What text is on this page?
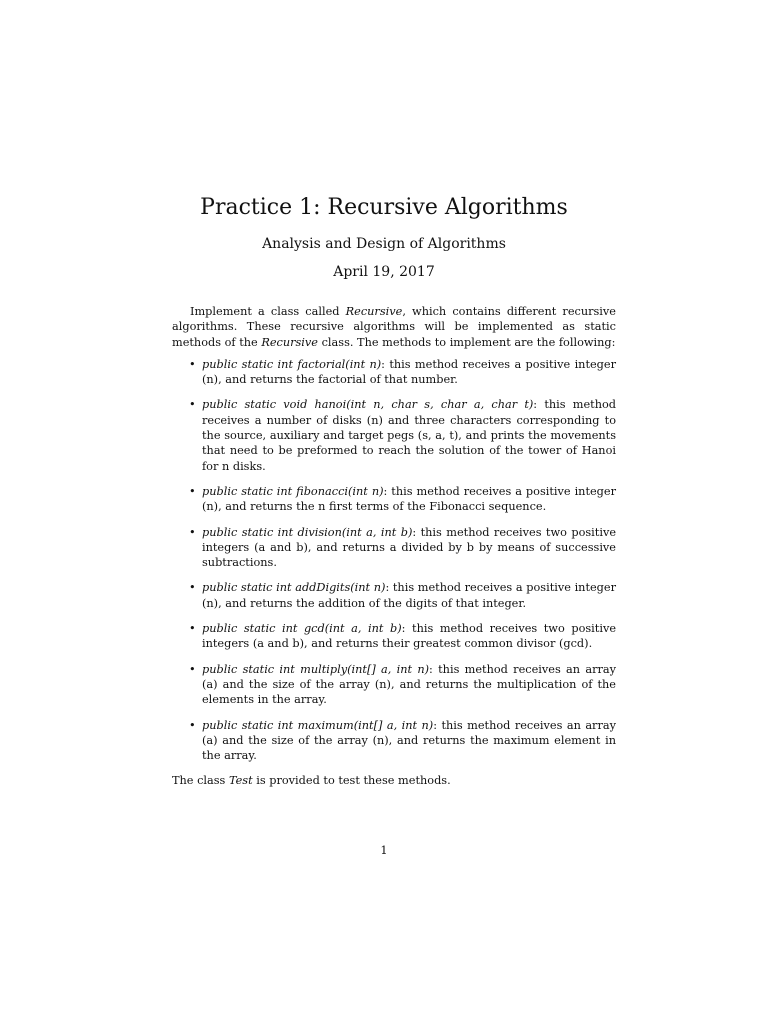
Practice 1: Recursive Algorithms
Analysis and Design of Algorithms
April 19, 2017

Implement a class called Recursive, which contains different recursive algorithms. These recursive algorithms will be implemented as static methods of the Recursive class. The methods to implement are the following:

• public static int factorial(int n): this method receives a positive integer (n), and returns the factorial of that number.
• public static void hanoi(int n, char s, char a, char t): this method receives a number of disks (n) and three characters corresponding to the source, auxiliary and target pegs (s, a, t), and prints the movements that need to be preformed to reach the solution of the tower of Hanoi for n disks.
• public static int fibonacci(int n): this method receives a positive integer (n), and returns the n first terms of the Fibonacci sequence.
• public static int division(int a, int b): this method receives two positive integers (a and b), and returns a divided by b by means of successive subtractions.
• public static int addDigits(int n): this method receives a positive integer (n), and returns the addition of the digits of that integer.
• public static int gcd(int a, int b): this method receives two positive integers (a and b), and returns their greatest common divisor (gcd).
• public static int multiply(int[] a, int n): this method receives an array (a) and the size of the array (n), and returns the multiplication of the elements in the array.
• public static int maximum(int[] a, int n): this method receives an array (a) and the size of the array (n), and returns the maximum element in the array.

The class Test is provided to test these methods.

1
